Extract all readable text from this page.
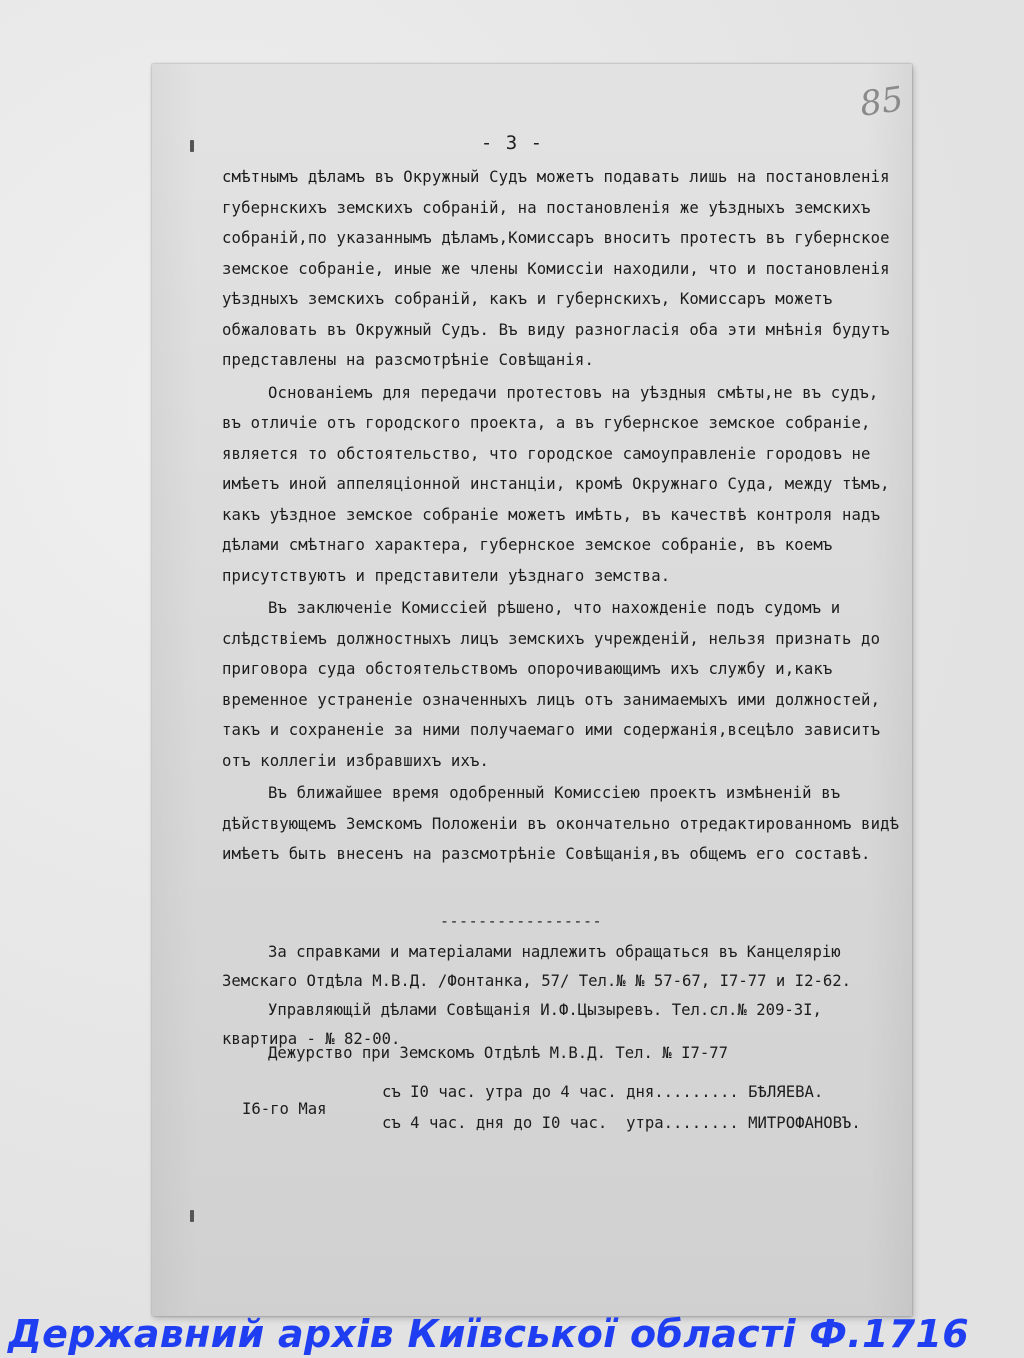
85
- 3 -

смѣтнымъ дѣламъ въ Окружный Судъ можетъ подавать лишь на постановленія губернскихъ земскихъ собраній, на постановленія же уѣздныхъ земскихъ собраній,по указаннымъ дѣламъ,Комиссаръ вноситъ протестъ въ губернское земское собраніе, иные же члены Комиссіи находили, что и постановленія уѣздныхъ земскихъ собраній, какъ и губернскихъ, Комиссаръ можетъ обжаловать въ Окружный Судъ. Въ виду разногласія оба эти мнѣнія будутъ представлены на разсмотрѣніе Совѣщанія.

Основаніемъ для передачи протестовъ на уѣздныя смѣты,не въ судъ, въ отличіе отъ городского проекта, а въ губернское земское собраніе, является то обстоятельство, что городское самоуправленіе городовъ не имѣетъ иной аппеляціонной инстанціи, кромѣ Окружнаго Суда, между тѣмъ, какъ уѣздное земское собраніе можетъ имѣть, въ качествѣ контроля надъ дѣлами смѣтнаго характера, губернское земское собраніе, въ коемъ присутствуютъ и представители уѣзднаго земства.

Въ заключеніе Комиссіей рѣшено, что нахожденіе подъ судомъ и слѣдствіемъ должностныхъ лицъ земскихъ учрежденій, нельзя признать до приговора суда обстоятельствомъ опорочивающимъ ихъ службу и,какъ временное устраненіе означенныхъ лицъ отъ занимаемыхъ ими должностей, такъ и сохраненіе за ними получаемаго ими содержанія,всецѣло зависитъ отъ коллегіи избравшихъ ихъ.

Въ ближайшее время одобренный Комиссіею проектъ измѣненій въ дѣйствующемъ Земскомъ Положеніи въ окончательно отредактированномъ видѣ имѣетъ быть внесенъ на разсмотрѣніе Совѣщанія,въ общемъ его составѣ.

-----------------
За справками и матеріалами надлежитъ обращаться въ Канцелярію
Земскаго Отдѣла М.В.Д. /Фонтанка, 57/ Тел.№ № 57-67, I7-77 и I2-62.
Управляющій дѣлами Совѣщанія И.Ф.Цызыревъ. Тел.сл.№ 209-3I,
квартира - № 82-00.
Дежурство при Земскомъ Отдѣлѣ М.В.Д. Тел. № I7-77
I6-го Мая
съ I0 час. утра до 4 час. дня......... БѢЛЯЕВА.
съ 4 час. дня до I0 час.  утра........ МИТРОФАНОВЪ.
Державний архів Київської області Ф.1716
